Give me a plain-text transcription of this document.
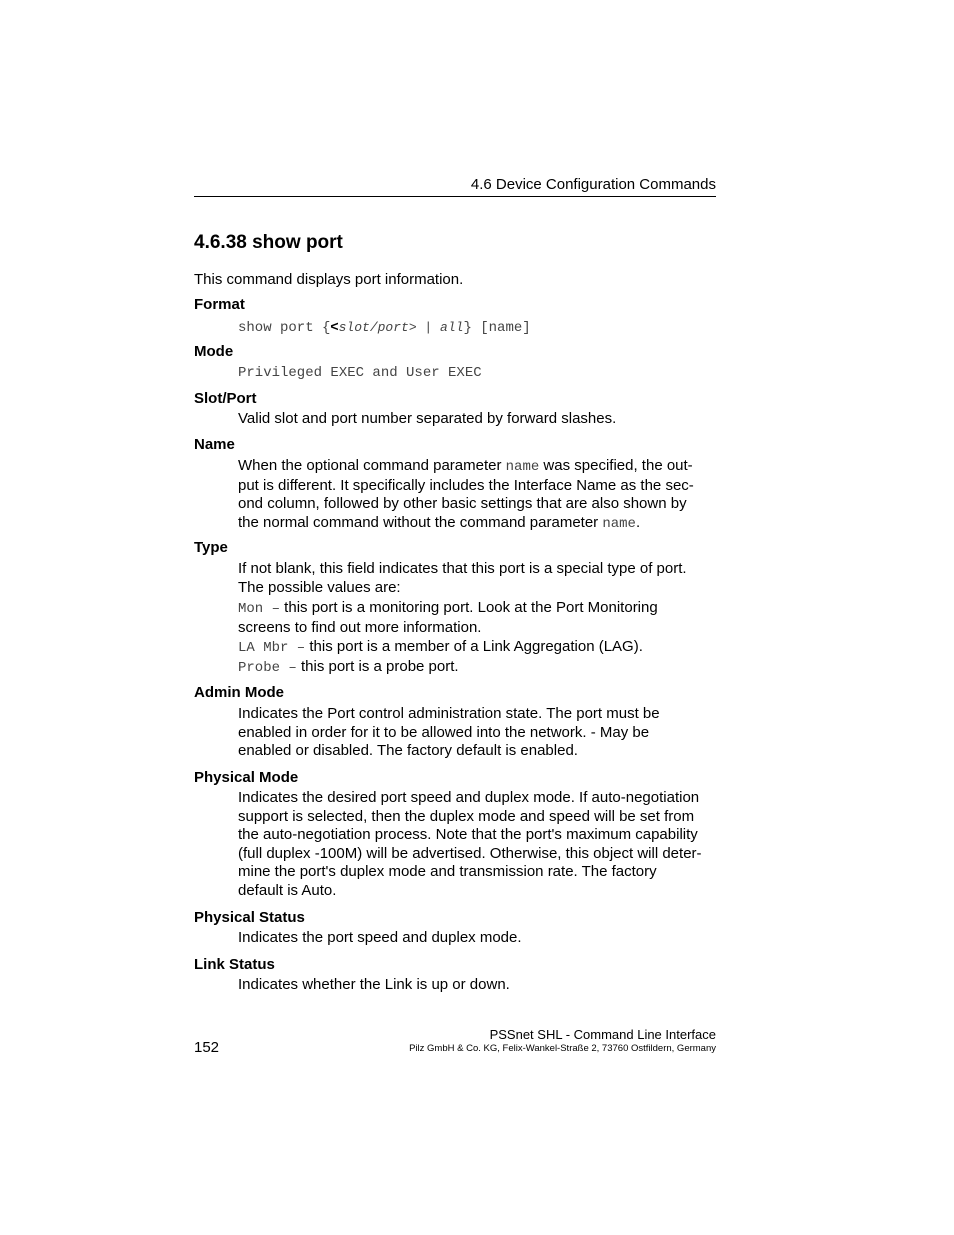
4.6 Device Configuration Commands
4.6.38 show port
This command displays port information.
Format
show port {<slot/port> | all} [name]
Mode
Privileged EXEC and User EXEC
Slot/Port
Valid slot and port number separated by forward slashes.
Name

When the optional command parameter name was specified, the out-

put is different. It specifically includes the Interface Name as the sec-

ond column, followed by other basic settings that are also shown by

the normal command without the command parameter name.

Type

If not blank, this field indicates that this port is a special type of port.

The possible values are:

Mon – this port is a monitoring port. Look at the Port Monitoring

screens to find out more information.

LA Mbr – this port is a member of a Link Aggregation (LAG).
Probe – this port is a probe port.
Admin Mode

Indicates the Port control administration state. The port must be

enabled in order for it to be allowed into the network. - May be

enabled or disabled. The factory default is enabled.

Physical Mode

Indicates the desired port speed and duplex mode. If auto-negotiation

support is selected, then the duplex mode and speed will be set from

the auto-negotiation process. Note that the port's maximum capability

(full duplex -100M) will be advertised. Otherwise, this object will deter-

mine the port's duplex mode and transmission rate. The factory

default is Auto.

Physical Status
Indicates the port speed and duplex mode.
Link Status
Indicates whether the Link is up or down.
152
PSSnet SHL - Command Line Interface
Pilz GmbH & Co. KG, Felix-Wankel-Straße 2, 73760 Ostfildern, Germany
